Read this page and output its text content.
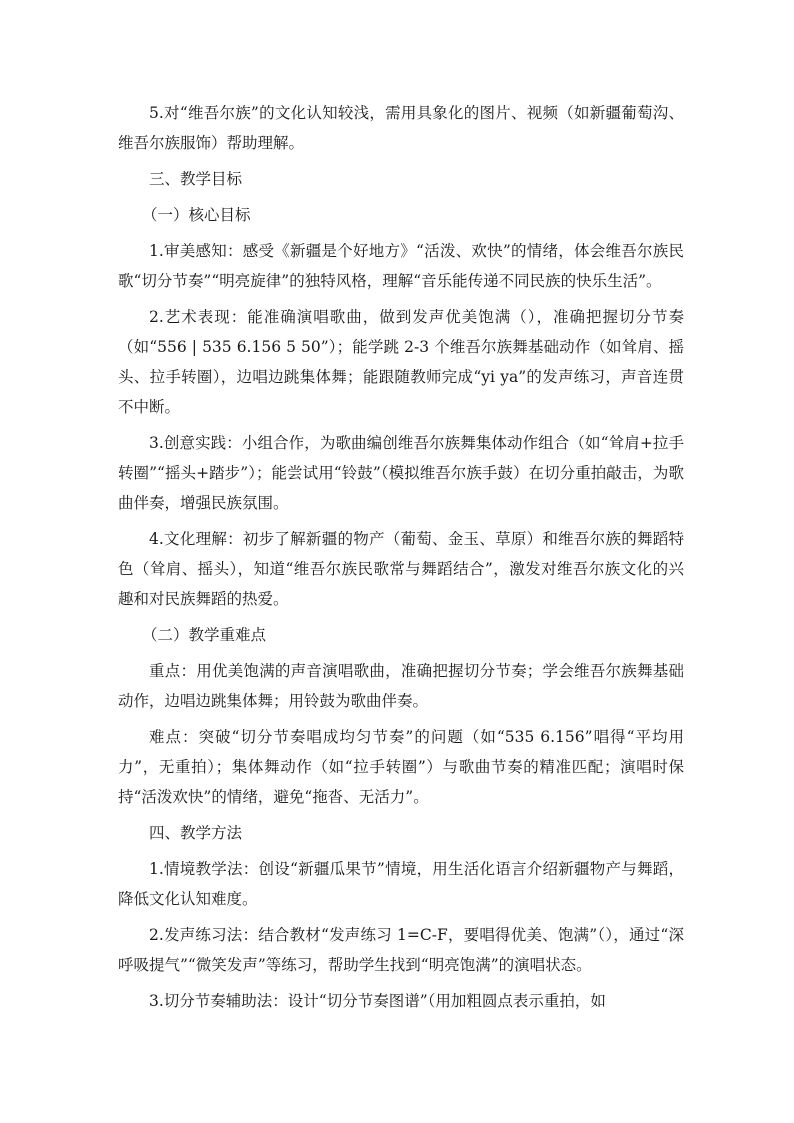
5.对“维吾尔族”的文化认知较浅，需用具象化的图片、视频（如新疆葡萄沟、维吾尔族服饰）帮助理解。

三、教学目标

（一）核心目标

1.审美感知：感受《新疆是个好地方》“活泼、欢快”的情绪，体会维吾尔族民歌“切分节奏”“明亮旋律”的独特风格，理解“音乐能传递不同民族的快乐生活”。

2.艺术表现：能准确演唱歌曲，做到发声优美饱满（），准确把握切分节奏（如“556 | 535 6.156 5 50”）；能学跳 2-3 个维吾尔族舞基础动作（如耸肩、摇头、拉手转圈），边唱边跳集体舞；能跟随教师完成“yi ya”的发声练习，声音连贯不中断。

3.创意实践：小组合作，为歌曲编创维吾尔族舞集体动作组合（如“耸肩+拉手转圈”“摇头+踏步”）；能尝试用“铃鼓”（模拟维吾尔族手鼓）在切分重拍敲击，为歌曲伴奏，增强民族氛围。

4.文化理解：初步了解新疆的物产（葡萄、金玉、草原）和维吾尔族的舞蹈特色（耸肩、摇头），知道“维吾尔族民歌常与舞蹈结合”，激发对维吾尔族文化的兴趣和对民族舞蹈的热爱。

（二）教学重难点

重点：用优美饱满的声音演唱歌曲，准确把握切分节奏；学会维吾尔族舞基础动作，边唱边跳集体舞；用铃鼓为歌曲伴奏。

难点：突破“切分节奏唱成均匀节奏”的问题（如“535 6.156”唱得“平均用力”，无重拍）；集体舞动作（如“拉手转圈”）与歌曲节奏的精准匹配；演唱时保持“活泼欢快”的情绪，避免“拖沓、无活力”。

四、教学方法

1.情境教学法：创设“新疆瓜果节”情境，用生活化语言介绍新疆物产与舞蹈，降低文化认知难度。

2.发声练习法：结合教材“发声练习 1=C-F，要唱得优美、饱满”（），通过“深呼吸提气”“微笑发声”等练习，帮助学生找到“明亮饱满”的演唱状态。

3.切分节奏辅助法：设计“切分节奏图谱”（用加粗圆点表示重拍，如
